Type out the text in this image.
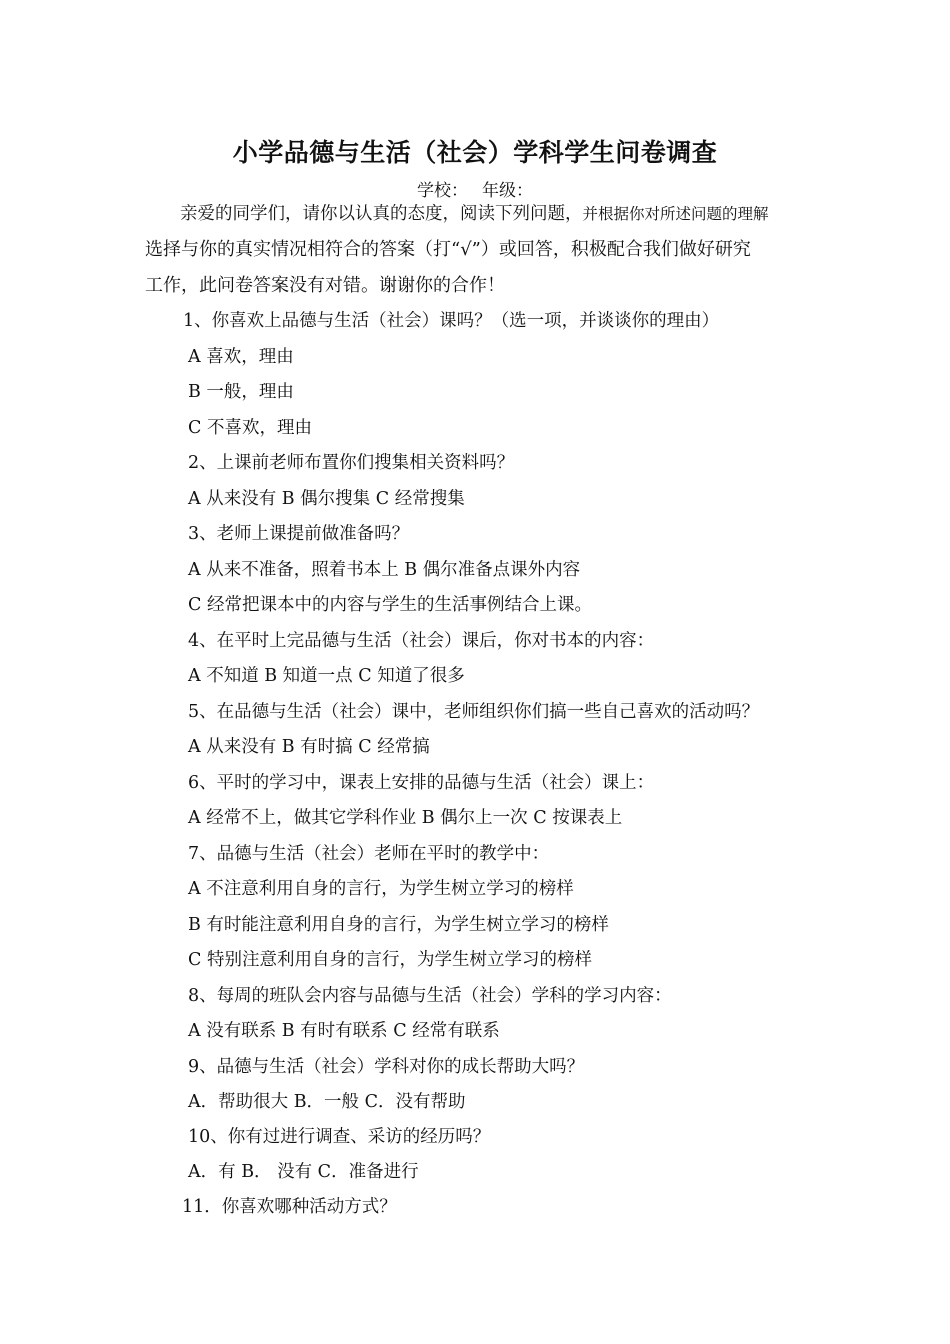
小学品德与生活（社会）学科学生问卷调查
学校： 年级：
亲爱的同学们，请你以认真的态度，阅读下列问题，并根据你对所述问题的理解
选择与你的真实情况相符合的答案（打“√”）或回答，积极配合我们做好研究
工作，此问卷答案没有对错。谢谢你的合作！
1、你喜欢上品德与生活（社会）课吗？（选一项，并谈谈你的理由）
A 喜欢，理由
B 一般，理由
C 不喜欢，理由
2、上课前老师布置你们搜集相关资料吗？
A 从来没有 B 偶尔搜集 C 经常搜集
3、老师上课提前做准备吗？
A 从来不准备，照着书本上 B 偶尔准备点课外内容
C 经常把课本中的内容与学生的生活事例结合上课。
4、在平时上完品德与生活（社会）课后，你对书本的内容：
A 不知道 B 知道一点 C 知道了很多
5、在品德与生活（社会）课中，老师组织你们搞一些自己喜欢的活动吗？
A 从来没有 B 有时搞 C 经常搞
6、平时的学习中，课表上安排的品德与生活（社会）课上：
A 经常不上，做其它学科作业 B 偶尔上一次 C 按课表上
7、品德与生活（社会）老师在平时的教学中：
A 不注意利用自身的言行，为学生树立学习的榜样
B 有时能注意利用自身的言行，为学生树立学习的榜样
C 特别注意利用自身的言行，为学生树立学习的榜样
8、每周的班队会内容与品德与生活（社会）学科的学习内容：
A 没有联系 B 有时有联系 C 经常有联系
9、品德与生活（社会）学科对你的成长帮助大吗？
A．帮助很大 B．一般 C．没有帮助
10、你有过进行调查、采访的经历吗？
A．有 B． 没有 C．准备进行
11．你喜欢哪种活动方式？
